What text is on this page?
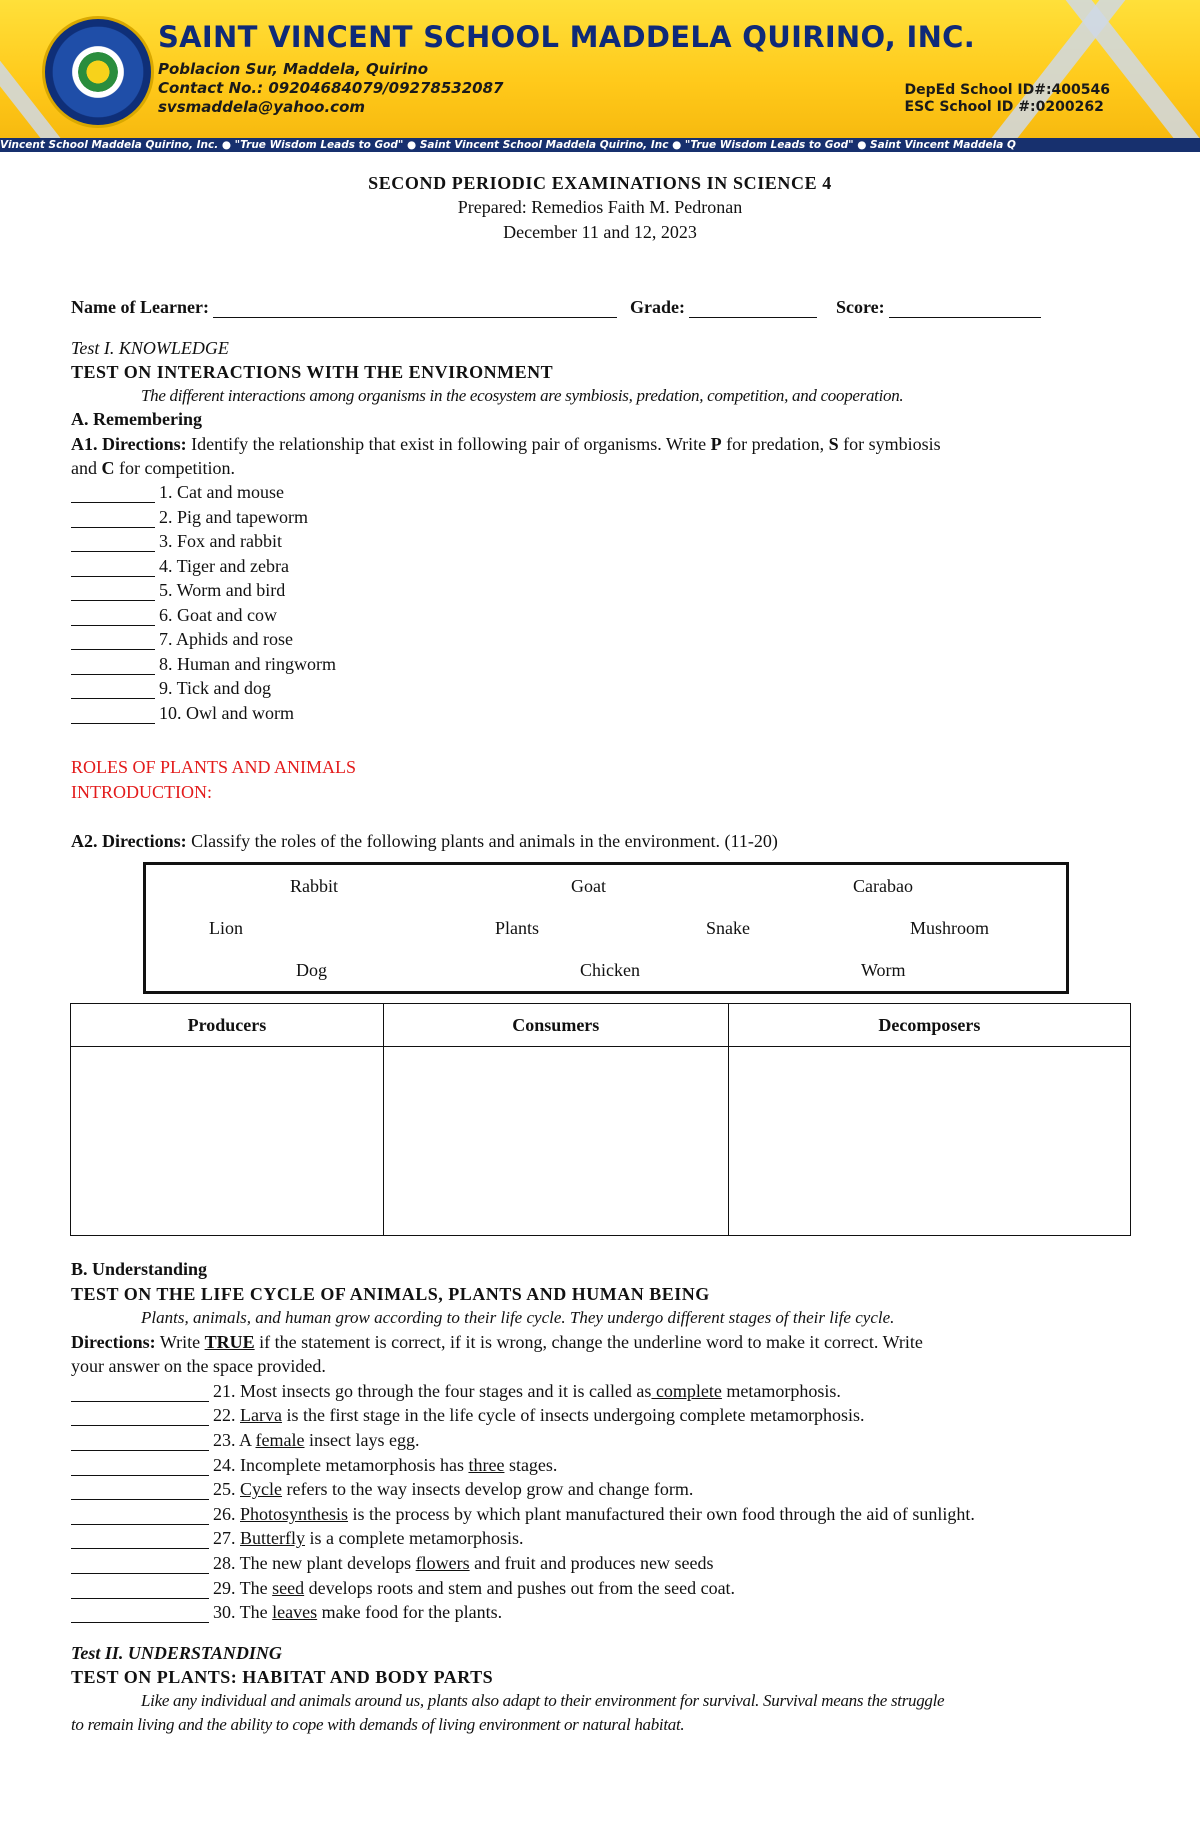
SAINT VINCENT SCHOOL MADDELA QUIRINO, INC.
Poblacion Sur, Maddela, Quirino
Contact No.: 09204684079/09278532087
svsmaddela@yahoo.com
DepEd School ID#:400546
ESC School ID #:0200262
Vincent School Maddela Quirino, Inc. ● "True Wisdom Leads to God" ● Saint Vincent School Maddela Quirino, Inc ● "True Wisdom Leads to God" ● Saint Vincent Maddela Q
SECOND PERIODIC EXAMINATIONS IN SCIENCE 4
Prepared: Remedios Faith M. Pedronan
December 11 and 12, 2023
Name of Learner:	Grade:	Score:
Test I. KNOWLEDGE
TEST ON INTERACTIONS WITH THE ENVIRONMENT
The different interactions among organisms in the ecosystem are symbiosis, predation, competition, and cooperation.
A. Remembering
A1. Directions: Identify the relationship that exist in following pair of organisms. Write P for predation, S for symbiosis
and C for competition.
1. Cat and mouse
2. Pig and tapeworm
3. Fox and rabbit
4. Tiger and zebra
5. Worm and bird
6. Goat and cow
7. Aphids and rose
8. Human and ringworm
9. Tick and dog
10. Owl and worm
ROLES OF PLANTS AND ANIMALS
INTRODUCTION:
A2. Directions: Classify the roles of the following plants and animals in the environment. (11-20)
Rabbit	Goat	Carabao
Lion	Plants	Snake	Mushroom
Dog	Chicken	Worm
Producers	Consumers	Decomposers

B. Understanding
TEST ON THE LIFE CYCLE OF ANIMALS, PLANTS AND HUMAN BEING
Plants, animals, and human grow according to their life cycle. They undergo different stages of their life cycle.
Directions: Write TRUE if the statement is correct, if it is wrong, change the underline word to make it correct. Write
your answer on the space provided.
21. Most insects go through the four stages and it is called as complete metamorphosis.
22. Larva is the first stage in the life cycle of insects undergoing complete metamorphosis.
23. A female insect lays egg.
24. Incomplete metamorphosis has three stages.
25. Cycle refers to the way insects develop grow and change form.
26. Photosynthesis is the process by which plant manufactured their own food through the aid of sunlight.
27. Butterfly is a complete metamorphosis.
28. The new plant develops flowers and fruit and produces new seeds
29. The seed develops roots and stem and pushes out from the seed coat.
30. The leaves make food for the plants.
Test II. UNDERSTANDING
TEST ON PLANTS: HABITAT AND BODY PARTS
Like any individual and animals around us, plants also adapt to their environment for survival. Survival means the struggle
to remain living and the ability to cope with demands of living environment or natural habitat.
